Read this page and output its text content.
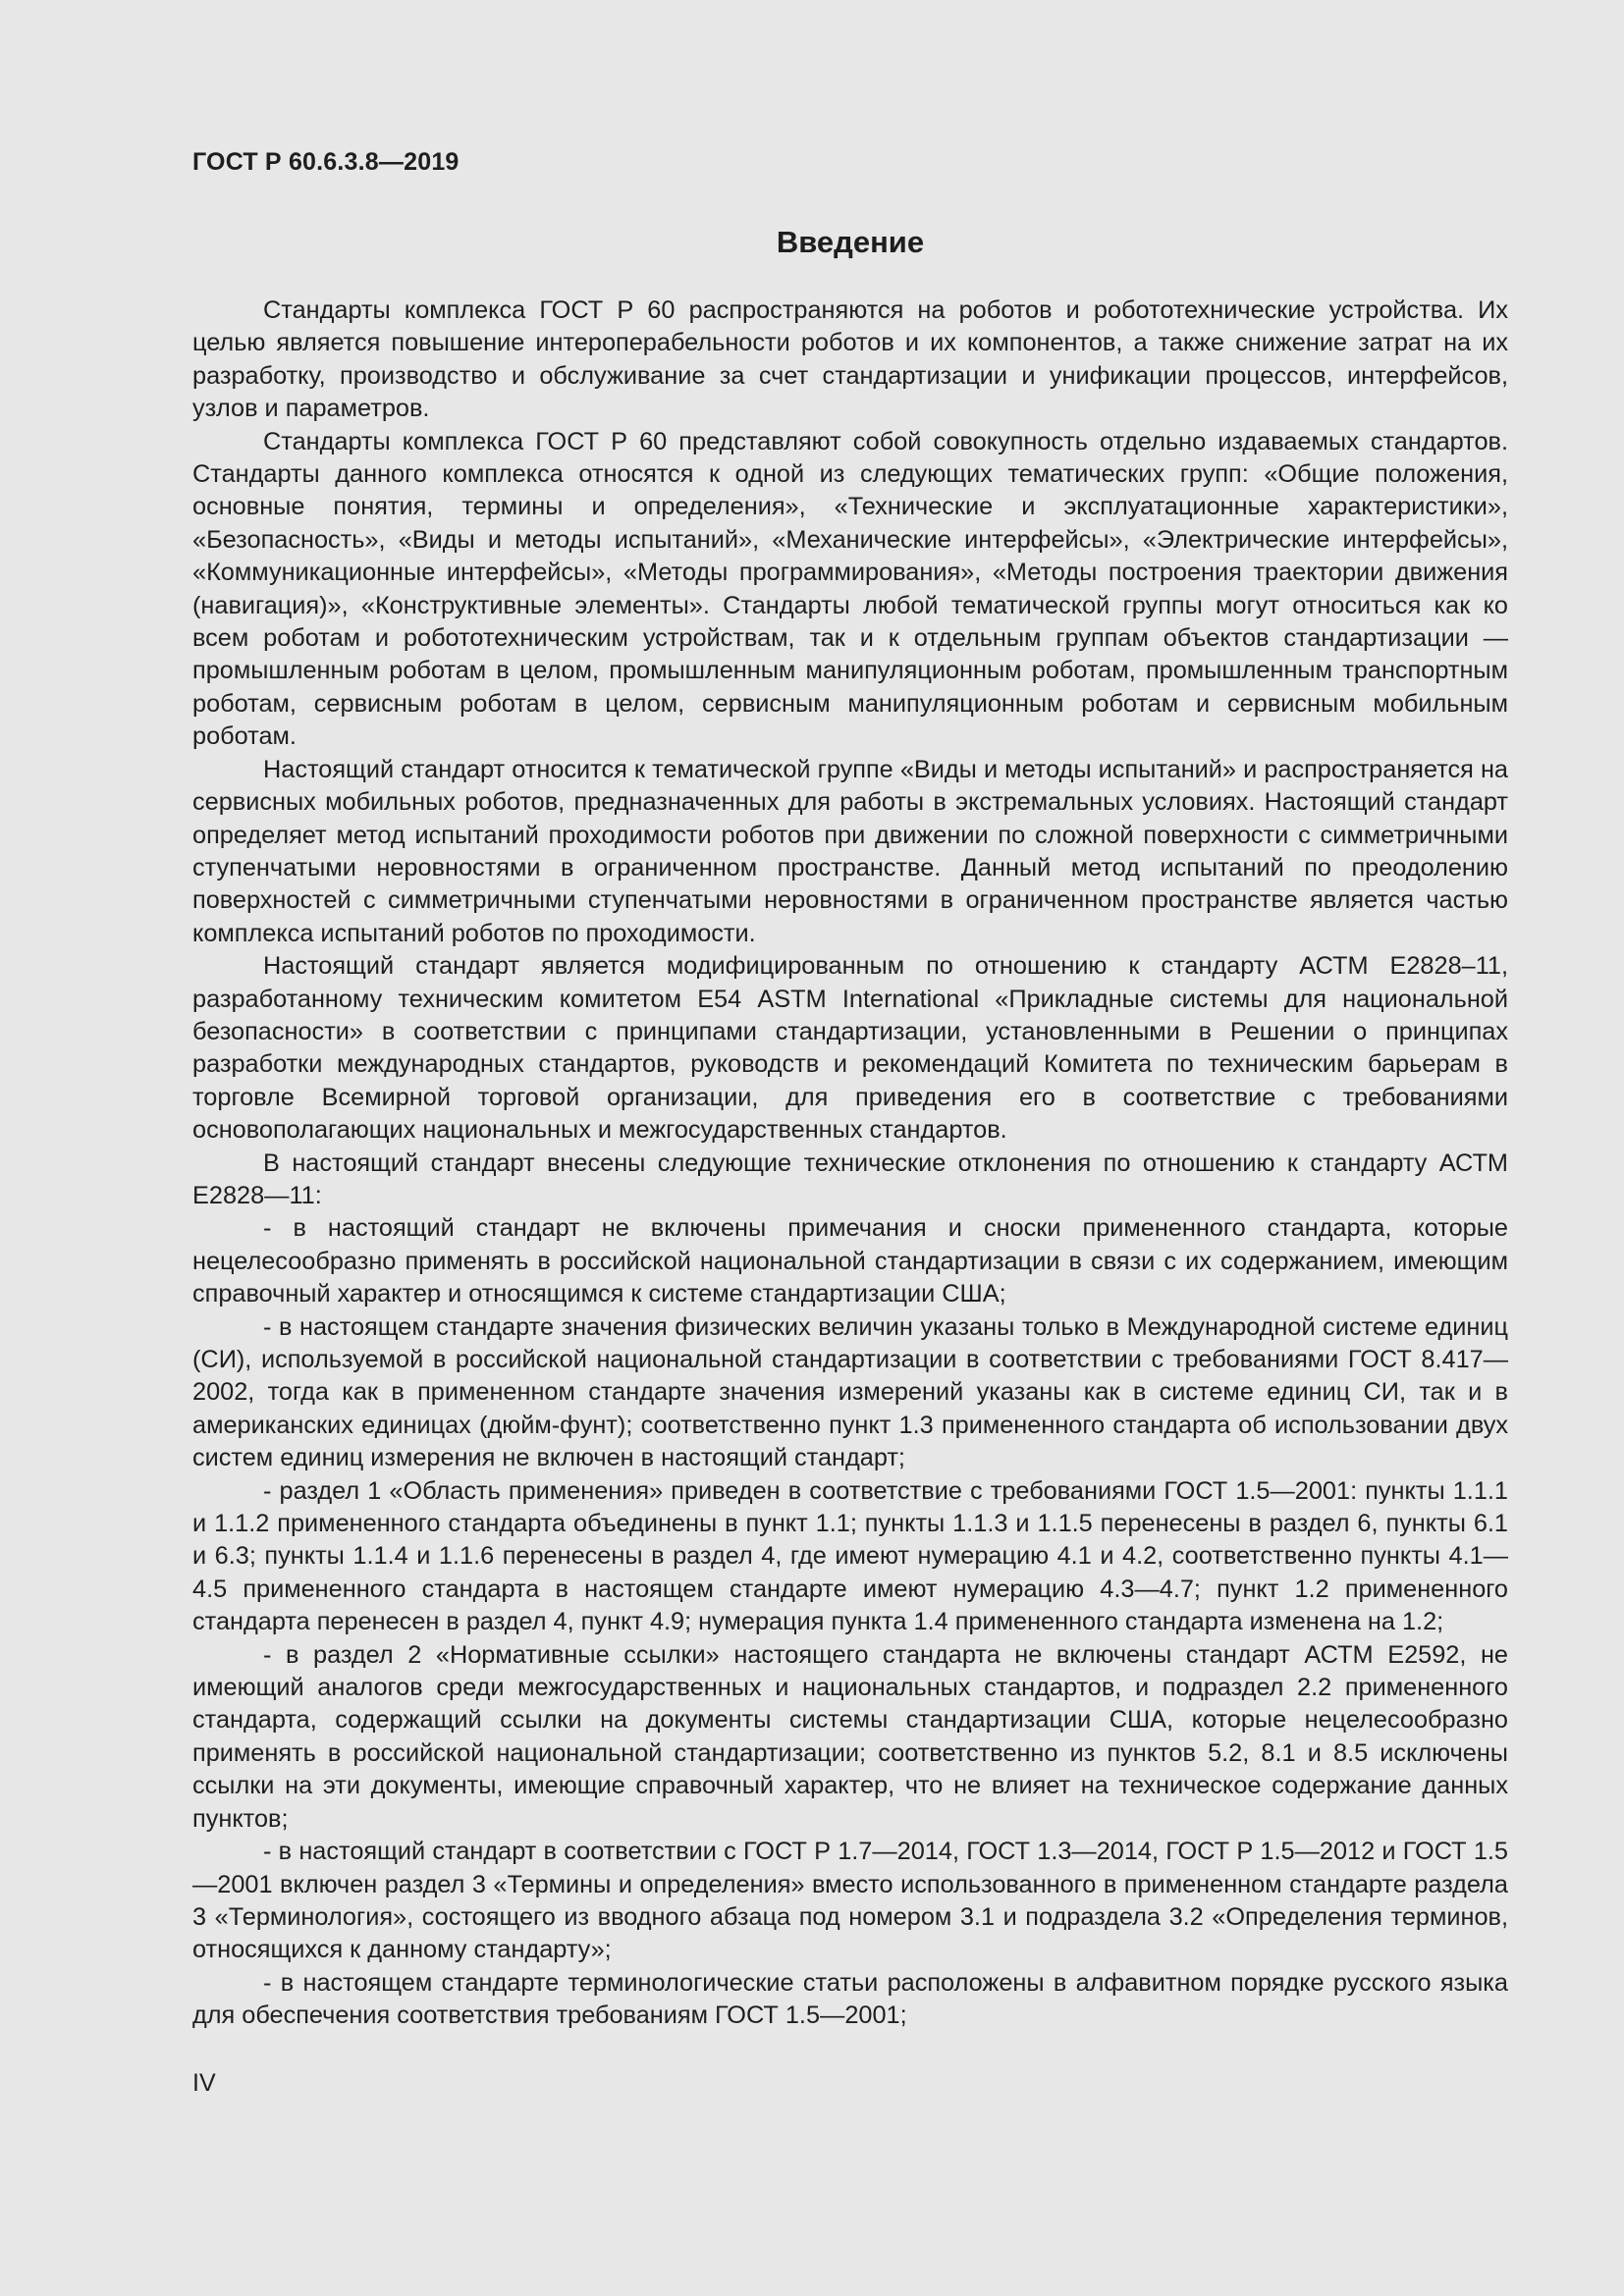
ГОСТ Р 60.6.3.8—2019
Введение

Стандарты комплекса ГОСТ Р 60 распространяются на роботов и робототехнические устройства. Их целью является повышение интероперабельности роботов и их компонентов, а также снижение затрат на их разработку, производство и обслуживание за счет стандартизации и унификации процессов, интерфейсов, узлов и параметров.

Стандарты комплекса ГОСТ Р 60 представляют собой совокупность отдельно издаваемых стандартов. Стандарты данного комплекса относятся к одной из следующих тематических групп: «Общие положения, основные понятия, термины и определения», «Технические и эксплуатационные характеристики», «Безопасность», «Виды и методы испытаний», «Механические интерфейсы», «Электрические интерфейсы», «Коммуникационные интерфейсы», «Методы программирования», «Методы построения траектории движения (навигация)», «Конструктивные элементы». Стандарты любой тематической группы могут относиться как ко всем роботам и робототехническим устройствам, так и к отдельным группам объектов стандартизации — промышленным роботам в целом, промышленным манипуляционным роботам, промышленным транспортным роботам, сервисным роботам в целом, сервисным манипуляционным роботам и сервисным мобильным роботам.

Настоящий стандарт относится к тематической группе «Виды и методы испытаний» и распространяется на сервисных мобильных роботов, предназначенных для работы в экстремальных условиях. Настоящий стандарт определяет метод испытаний проходимости роботов при движении по сложной поверхности с симметричными ступенчатыми неровностями в ограниченном пространстве. Данный метод испытаний по преодолению поверхностей с симметричными ступенчатыми неровностями в ограниченном пространстве является частью комплекса испытаний роботов по проходимости.

Настоящий стандарт является модифицированным по отношению к стандарту АСТМ Е2828–11, разработанному техническим комитетом Е54 ASTM International «Прикладные системы для национальной безопасности» в соответствии с принципами стандартизации, установленными в Решении о принципах разработки международных стандартов, руководств и рекомендаций Комитета по техническим барьерам в торговле Всемирной торговой организации, для приведения его в соответствие с требованиями основополагающих национальных и межгосударственных стандартов.

В настоящий стандарт внесены следующие технические отклонения по отношению к стандарту АСТМ Е2828—11:

- в настоящий стандарт не включены примечания и сноски примененного стандарта, которые нецелесообразно применять в российской национальной стандартизации в связи с их содержанием, имеющим справочный характер и относящимся к системе стандартизации США;

- в настоящем стандарте значения физических величин указаны только в Международной системе единиц (СИ), используемой в российской национальной стандартизации в соответствии с требованиями ГОСТ 8.417—2002, тогда как в примененном стандарте значения измерений указаны как в системе единиц СИ, так и в американских единицах (дюйм-фунт); соответственно пункт 1.3 примененного стандарта об использовании двух систем единиц измерения не включен в настоящий стандарт;

- раздел 1 «Область применения» приведен в соответствие с требованиями ГОСТ 1.5—2001: пункты 1.1.1 и 1.1.2 примененного стандарта объединены в пункт 1.1; пункты 1.1.3 и 1.1.5 перенесены в раздел 6, пункты 6.1 и 6.3; пункты 1.1.4 и 1.1.6 перенесены в раздел 4, где имеют нумерацию 4.1 и 4.2, соответственно пункты 4.1—4.5 примененного стандарта в настоящем стандарте имеют нумерацию 4.3—4.7; пункт 1.2 примененного стандарта перенесен в раздел 4, пункт 4.9; нумерация пункта 1.4 примененного стандарта изменена на 1.2;

- в раздел 2 «Нормативные ссылки» настоящего стандарта не включены стандарт АСТМ Е2592, не имеющий аналогов среди межгосударственных и национальных стандартов, и подраздел 2.2 примененного стандарта, содержащий ссылки на документы системы стандартизации США, которые нецелесообразно применять в российской национальной стандартизации; соответственно из пунктов 5.2, 8.1 и 8.5 исключены ссылки на эти документы, имеющие справочный характер, что не влияет на техническое содержание данных пунктов;

- в настоящий стандарт в соответствии с ГОСТ Р 1.7—2014, ГОСТ 1.3—2014, ГОСТ Р 1.5—2012 и ГОСТ 1.5—2001 включен раздел 3 «Термины и определения» вместо использованного в примененном стандарте раздела 3 «Терминология», состоящего из вводного абзаца под номером 3.1 и подраздела 3.2 «Определения терминов, относящихся к данному стандарту»;

- в настоящем стандарте терминологические статьи расположены в алфавитном порядке русского языка для обеспечения соответствия требованиям ГОСТ 1.5—2001;

IV
